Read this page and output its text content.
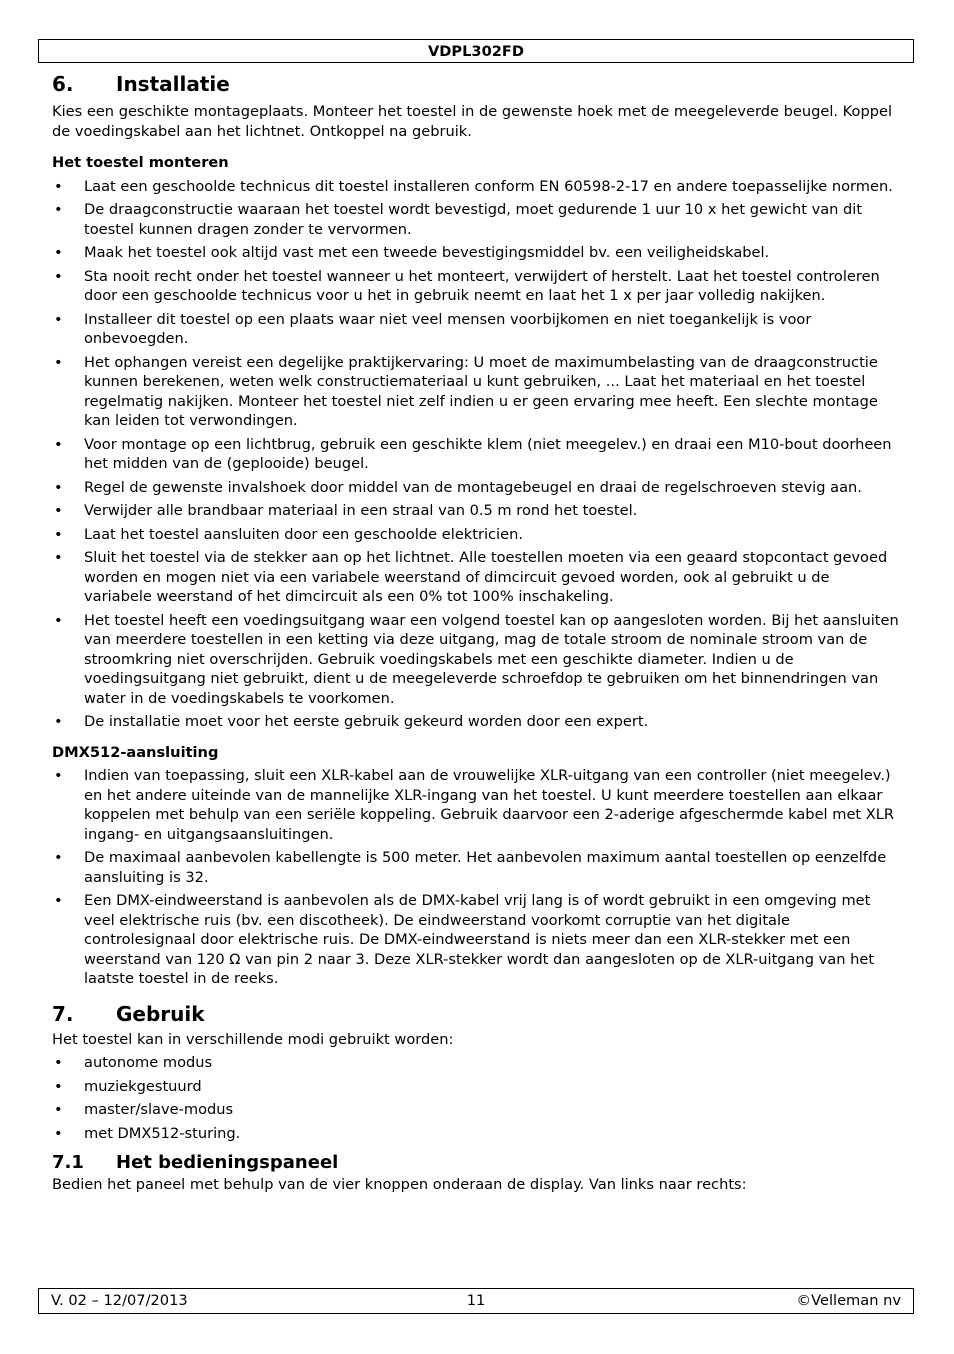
VDPL302FD
6. Installatie

Kies een geschikte montageplaats. Monteer het toestel in de gewenste hoek met de meegeleverde beugel. Koppel de voedingskabel aan het lichtnet. Ontkoppel na gebruik.

Het toestel monteren
• Laat een geschoolde technicus dit toestel installeren conform EN 60598-2-17 en andere toepasselijke normen.
• De draagconstructie waaraan het toestel wordt bevestigd, moet gedurende 1 uur 10 x het gewicht van dit toestel kunnen dragen zonder te vervormen.
• Maak het toestel ook altijd vast met een tweede bevestigingsmiddel bv. een veiligheidskabel.
• Sta nooit recht onder het toestel wanneer u het monteert, verwijdert of herstelt. Laat het toestel controleren door een geschoolde technicus voor u het in gebruik neemt en laat het 1 x per jaar volledig nakijken.
• Installeer dit toestel op een plaats waar niet veel mensen voorbijkomen en niet toegankelijk is voor onbevoegden.
• Het ophangen vereist een degelijke praktijkervaring: U moet de maximumbelasting van de draagconstructie kunnen berekenen, weten welk constructiemateriaal u kunt gebruiken, ... Laat het materiaal en het toestel regelmatig nakijken. Monteer het toestel niet zelf indien u er geen ervaring mee heeft. Een slechte montage kan leiden tot verwondingen.
• Voor montage op een lichtbrug, gebruik een geschikte klem (niet meegelev.) en draai een M10-bout doorheen het midden van de (geplooide) beugel.
• Regel de gewenste invalshoek door middel van de montagebeugel en draai de regelschroeven stevig aan.
• Verwijder alle brandbaar materiaal in een straal van 0.5 m rond het toestel.
• Laat het toestel aansluiten door een geschoolde elektricien.
• Sluit het toestel via de stekker aan op het lichtnet. Alle toestellen moeten via een geaard stopcontact gevoed worden en mogen niet via een variabele weerstand of dimcircuit gevoed worden, ook al gebruikt u de variabele weerstand of het dimcircuit als een 0% tot 100% inschakeling.
• Het toestel heeft een voedingsuitgang waar een volgend toestel kan op aangesloten worden. Bij het aansluiten van meerdere toestellen in een ketting via deze uitgang, mag de totale stroom de nominale stroom van de stroomkring niet overschrijden. Gebruik voedingskabels met een geschikte diameter. Indien u de voedingsuitgang niet gebruikt, dient u de meegeleverde schroefdop te gebruiken om het binnendringen van water in de voedingskabels te voorkomen.
• De installatie moet voor het eerste gebruik gekeurd worden door een expert.
DMX512-aansluiting
• Indien van toepassing, sluit een XLR-kabel aan de vrouwelijke XLR-uitgang van een controller (niet meegelev.) en het andere uiteinde van de mannelijke XLR-ingang van het toestel. U kunt meerdere toestellen aan elkaar koppelen met behulp van een seriële koppeling. Gebruik daarvoor een 2-aderige afgeschermde kabel met XLR ingang- en uitgangsaansluitingen.
• De maximaal aanbevolen kabellengte is 500 meter. Het aanbevolen maximum aantal toestellen op eenzelfde aansluiting is 32.
• Een DMX-eindweerstand is aanbevolen als de DMX-kabel vrij lang is of wordt gebruikt in een omgeving met veel elektrische ruis (bv. een discotheek). De eindweerstand voorkomt corruptie van het digitale controlesignaal door elektrische ruis. De DMX-eindweerstand is niets meer dan een XLR-stekker met een weerstand van 120 Ω van pin 2 naar 3. Deze XLR-stekker wordt dan aangesloten op de XLR-uitgang van het laatste toestel in de reeks.
7. Gebruik

Het toestel kan in verschillende modi gebruikt worden:

• autonome modus
• muziekgestuurd
• master/slave-modus
• met DMX512-sturing.
7.1 Het bedieningspaneel

Bedien het paneel met behulp van de vier knoppen onderaan de display. Van links naar rechts:

V. 02 – 12/07/2013	11	©Velleman nv
